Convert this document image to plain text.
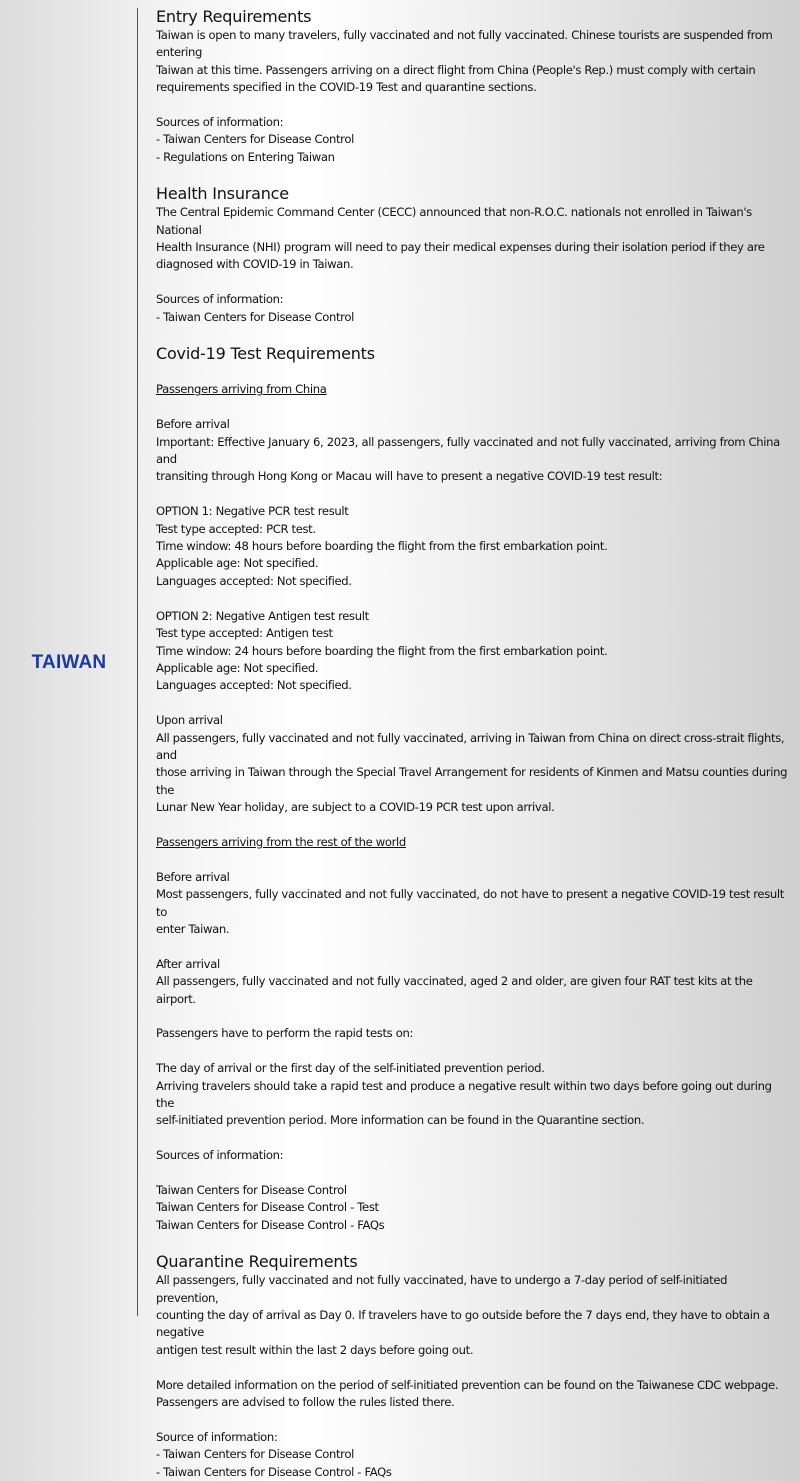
TAIWAN
Entry Requirements

Taiwan is open to many travelers, fully vaccinated and not fully vaccinated. Chinese tourists are suspended from entering

Taiwan at this time. Passengers arriving on a direct flight from China (People's Rep.) must comply with certain

requirements specified in the COVID-19 Test and quarantine sections.

Sources of information:

- Taiwan Centers for Disease Control

- Regulations on Entering Taiwan

Health Insurance

The Central Epidemic Command Center (CECC) announced that non-R.O.C. nationals not enrolled in Taiwan's National

Health Insurance (NHI) program will need to pay their medical expenses during their isolation period if they are

diagnosed with COVID-19 in Taiwan.

Sources of information:

- Taiwan Centers for Disease Control

Covid-19 Test Requirements

Passengers arriving from China

Before arrival

Important: Effective January 6, 2023, all passengers, fully vaccinated and not fully vaccinated, arriving from China and

transiting through Hong Kong or Macau will have to present a negative COVID-19 test result:

OPTION 1: Negative PCR test result

Test type accepted: PCR test.

Time window: 48 hours before boarding the flight from the first embarkation point.

Applicable age: Not specified.

Languages accepted: Not specified.

OPTION 2: Negative Antigen test result

Test type accepted: Antigen test

Time window: 24 hours before boarding the flight from the first embarkation point.

Applicable age: Not specified.

Languages accepted: Not specified.

Upon arrival

All passengers, fully vaccinated and not fully vaccinated, arriving in Taiwan from China on direct cross-strait flights, and

those arriving in Taiwan through the Special Travel Arrangement for residents of Kinmen and Matsu counties during the

Lunar New Year holiday, are subject to a COVID-19 PCR test upon arrival.

Passengers arriving from the rest of the world

Before arrival

Most passengers, fully vaccinated and not fully vaccinated, do not have to present a negative COVID-19 test result to

enter Taiwan.

After arrival

All passengers, fully vaccinated and not fully vaccinated, aged 2 and older, are given four RAT test kits at the airport.

Passengers have to perform the rapid tests on:

The day of arrival or the first day of the self-initiated prevention period.

Arriving travelers should take a rapid test and produce a negative result within two days before going out during the

self-initiated prevention period. More information can be found in the Quarantine section.

Sources of information:

Taiwan Centers for Disease Control

Taiwan Centers for Disease Control - Test

Taiwan Centers for Disease Control - FAQs

Quarantine Requirements

All passengers, fully vaccinated and not fully vaccinated, have to undergo a 7-day period of self-initiated prevention,

counting the day of arrival as Day 0. If travelers have to go outside before the 7 days end, they have to obtain a negative

antigen test result within the last 2 days before going out.

More detailed information on the period of self-initiated prevention can be found on the Taiwanese CDC webpage.

Passengers are advised to follow the rules listed there.

Source of information:

- Taiwan Centers for Disease Control

- Taiwan Centers for Disease Control - FAQs
